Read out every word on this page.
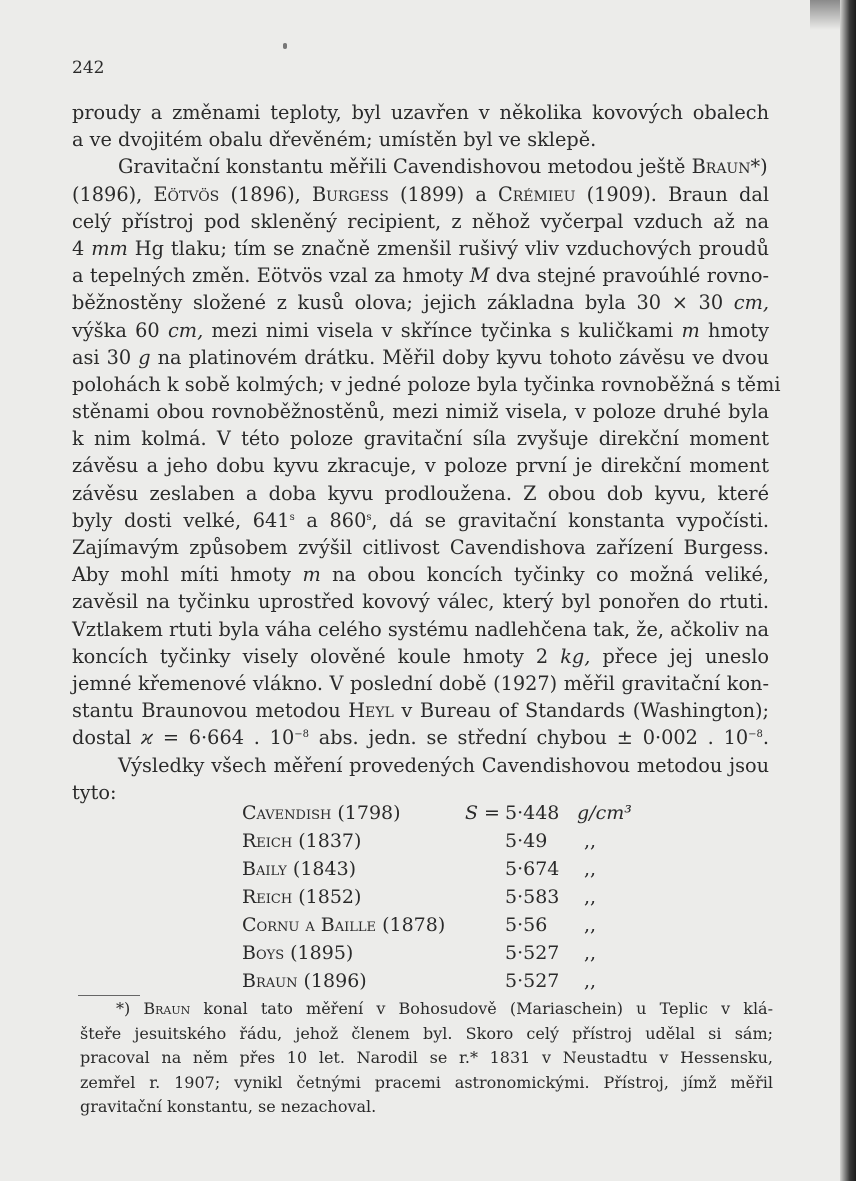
242
proudy a změnami teploty, byl uzavřen v několika kovových obalech
a ve dvojitém obalu dřevěném; umístěn byl ve sklepě.
Gravitační konstantu měřili Cavendishovou metodou ještě Braun*)
(1896), Eötvös (1896), Burgess (1899) a Crémieu (1909). Braun dal
celý přístroj pod skleněný recipient, z něhož vyčerpal vzduch až na
4 mm Hg tlaku; tím se značně zmenšil rušivý vliv vzduchových proudů
a tepelných změn. Eötvös vzal za hmoty M dva stejné pravoúhlé rovno-
běžnostěny složené z kusů olova; jejich základna byla 30 × 30 cm,
výška 60 cm, mezi nimi visela v skřínce tyčinka s kuličkami m hmoty
asi 30 g na platinovém drátku. Měřil doby kyvu tohoto závěsu ve dvou
polohách k sobě kolmých; v jedné poloze byla tyčinka rovnoběžná s těmi
stěnami obou rovnoběžnostěnů, mezi nimiž visela, v poloze druhé byla
k nim kolmá. V této poloze gravitační síla zvyšuje direkční moment
závěsu a jeho dobu kyvu zkracuje, v poloze první je direkční moment
závěsu zeslaben a doba kyvu prodloužena. Z obou dob kyvu, které
byly dosti velké, 641$^s$ a 860$^s$, dá se gravitační konstanta vypočísti.
Zajímavým způsobem zvýšil citlivost Cavendishova zařízení Burgess.
Aby mohl míti hmoty m na obou koncích tyčinky co možná veliké,
zavěsil na tyčinku uprostřed kovový válec, který byl ponořen do rtuti.
Vztlakem rtuti byla váha celého systému nadlehčena tak, že, ačkoliv na
koncích tyčinky visely olověné koule hmoty 2 kg, přece jej uneslo
jemné křemenové vlákno. V poslední době (1927) měřil gravitační kon-
stantu Braunovou metodou Heyl v Bureau of Standards (Washington);
dostal ϰ = 6·664 . $10^{-8}$ abs. jedn. se střední chybou ± 0·002 . $10^{-8}$.
Výsledky všech měření provedených Cavendishovou metodou jsou
tyto:
Cavendish (1798)	S = 5·448 g/cm³
Reich (1837)	5·49 ,,
Baily (1843)	5·674 ,,
Reich (1852)	5·583 ,,
Cornu a Baille (1878)	5·56 ,,
Boys (1895)	5·527 ,,
Braun (1896)	5·527 ,,
*) Braun konal tato měření v Bohosudově (Mariaschein) u Teplic v klá-
šteře jesuitského řádu, jehož členem byl. Skoro celý přístroj udělal si sám;
pracoval na něm přes 10 let. Narodil se r.* 1831 v Neustadtu v Hessensku,
zemřel r. 1907; vynikl četnými pracemi astronomickými. Přístroj, jímž měřil
gravitační konstantu, se nezachoval.
